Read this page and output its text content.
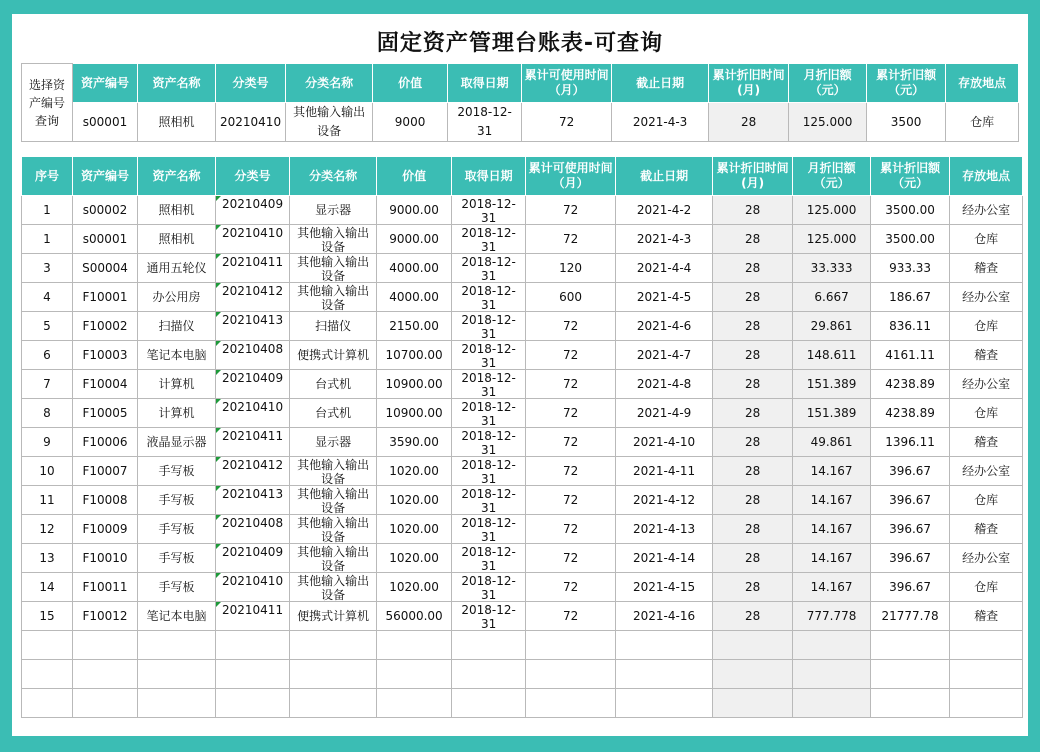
固定资产管理台账表-可查询
选择资产编号查询	资产编号	资产名称	分类号	分类名称	价值	取得日期	累计可使用时间（月）	截止日期	累计折旧时间(月)	月折旧额（元）	累计折旧额（元）	存放地点

	s00001	照相机	20210410	其他输入输出设备	9000	2018-12-31	72	2021-4-3	28	125.000	3500	仓库
序号	资产编号	资产名称	分类号	分类名称	价值	取得日期	累计可使用时间（月）	截止日期	累计折旧时间(月)	月折旧额（元）	累计折旧额（元）	存放地点

1	s00002	照相机	20210409	显示器	9000.00	2018-12-31	72	2021-4-2	28	125.000	3500.00	经办公室

1	s00001	照相机	20210410	其他输入输出设备	9000.00	2018-12-31	72	2021-4-3	28	125.000	3500.00	仓库

3	S00004	通用五轮仪	20210411	其他输入输出设备	4000.00	2018-12-31	120	2021-4-4	28	33.333	933.33	稽查

4	F10001	办公用房	20210412	其他输入输出设备	4000.00	2018-12-31	600	2021-4-5	28	6.667	186.67	经办公室

5	F10002	扫描仪	20210413	扫描仪	2150.00	2018-12-31	72	2021-4-6	28	29.861	836.11	仓库

6	F10003	笔记本电脑	20210408	便携式计算机	10700.00	2018-12-31	72	2021-4-7	28	148.611	4161.11	稽查

7	F10004	计算机	20210409	台式机	10900.00	2018-12-31	72	2021-4-8	28	151.389	4238.89	经办公室

8	F10005	计算机	20210410	台式机	10900.00	2018-12-31	72	2021-4-9	28	151.389	4238.89	仓库

9	F10006	液晶显示器	20210411	显示器	3590.00	2018-12-31	72	2021-4-10	28	49.861	1396.11	稽查

10	F10007	手写板	20210412	其他输入输出设备	1020.00	2018-12-31	72	2021-4-11	28	14.167	396.67	经办公室

11	F10008	手写板	20210413	其他输入输出设备	1020.00	2018-12-31	72	2021-4-12	28	14.167	396.67	仓库

12	F10009	手写板	20210408	其他输入输出设备	1020.00	2018-12-31	72	2021-4-13	28	14.167	396.67	稽查

13	F10010	手写板	20210409	其他输入输出设备	1020.00	2018-12-31	72	2021-4-14	28	14.167	396.67	经办公室

14	F10011	手写板	20210410	其他输入输出设备	1020.00	2018-12-31	72	2021-4-15	28	14.167	396.67	仓库

15	F10012	笔记本电脑	20210411	便携式计算机	56000.00	2018-12-31	72	2021-4-16	28	777.778	21777.78	稽查
